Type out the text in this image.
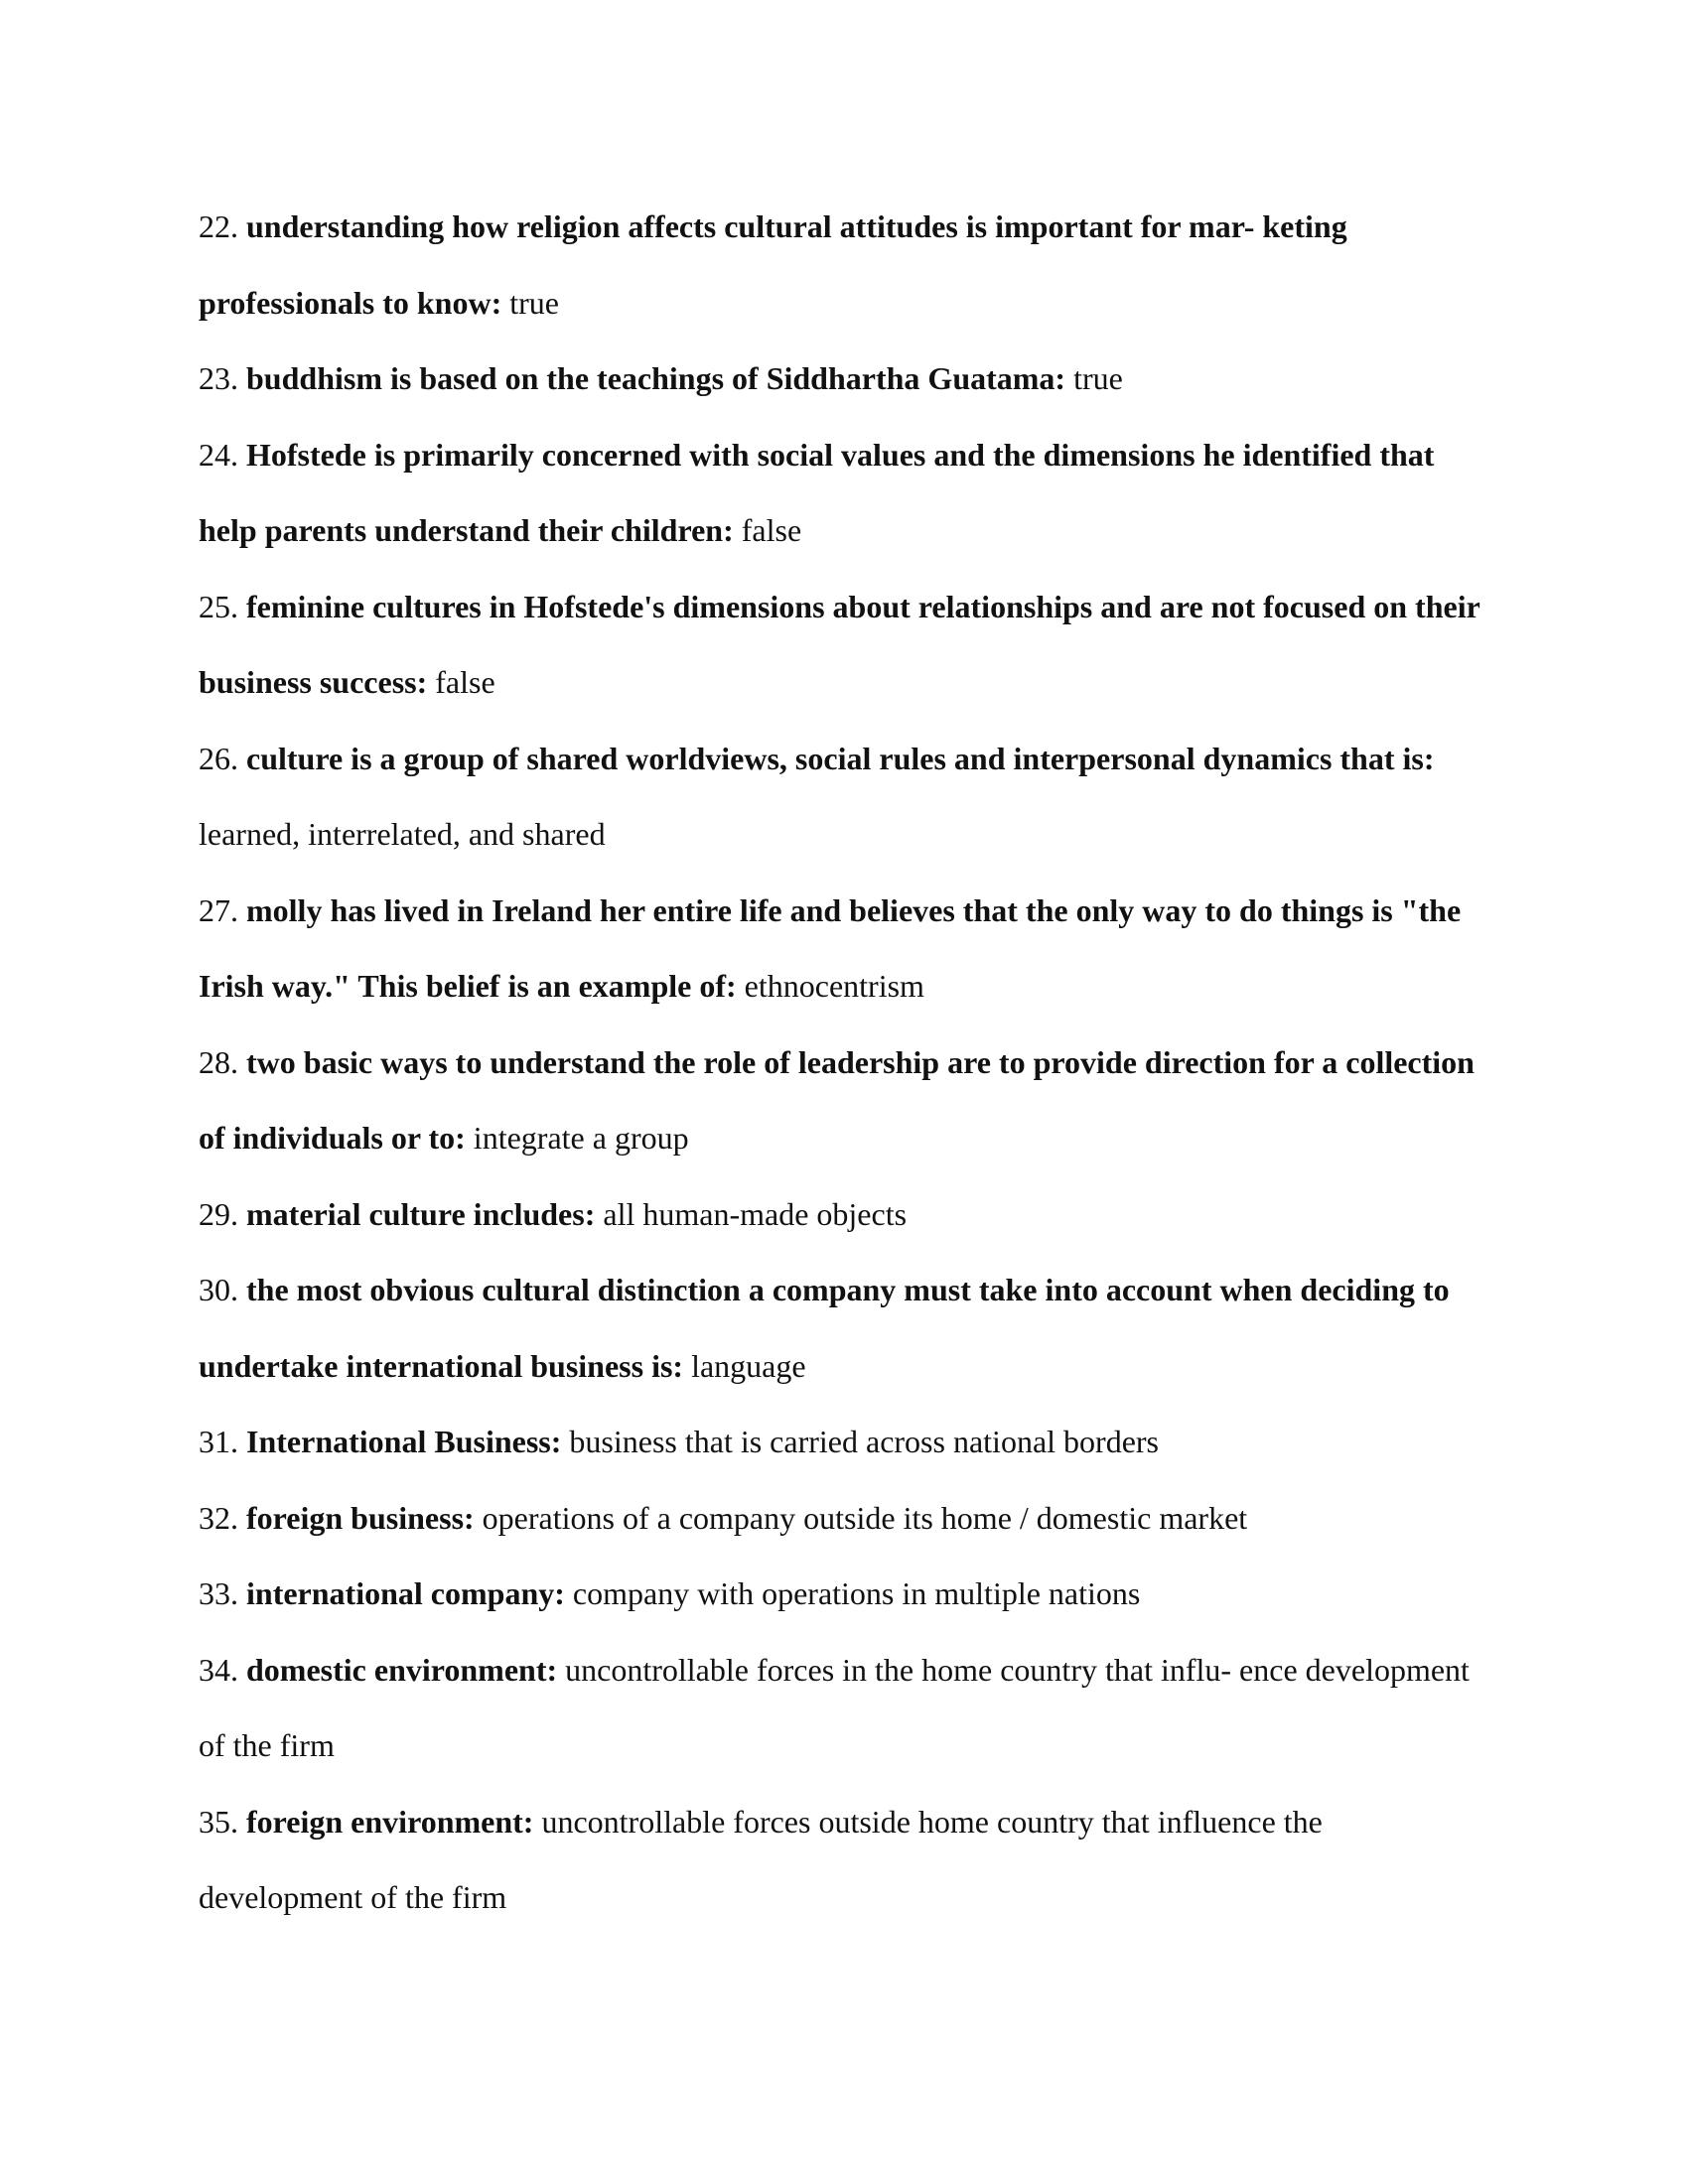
22. understanding how religion affects cultural attitudes is important for mar- keting professionals to know: true
23. buddhism is based on the teachings of Siddhartha Guatama: true
24. Hofstede is primarily concerned with social values and the dimensions he identified that help parents understand their children: false
25. feminine cultures in Hofstede's dimensions about relationships and are not focused on their business success: false
26. culture is a group of shared worldviews, social rules and interpersonal dynamics that is: learned, interrelated, and shared
27. molly has lived in Ireland her entire life and believes that the only way to do things is "the Irish way." This belief is an example of: ethnocentrism
28. two basic ways to understand the role of leadership are to provide direction for a collection of individuals or to: integrate a group
29. material culture includes: all human-made objects
30. the most obvious cultural distinction a company must take into account when deciding to undertake international business is: language
31. International Business: business that is carried across national borders
32. foreign business: operations of a company outside its home / domestic market
33. international company: company with operations in multiple nations
34. domestic environment: uncontrollable forces in the home country that influ- ence development of the firm
35. foreign environment: uncontrollable forces outside home country that influence the development of the firm
